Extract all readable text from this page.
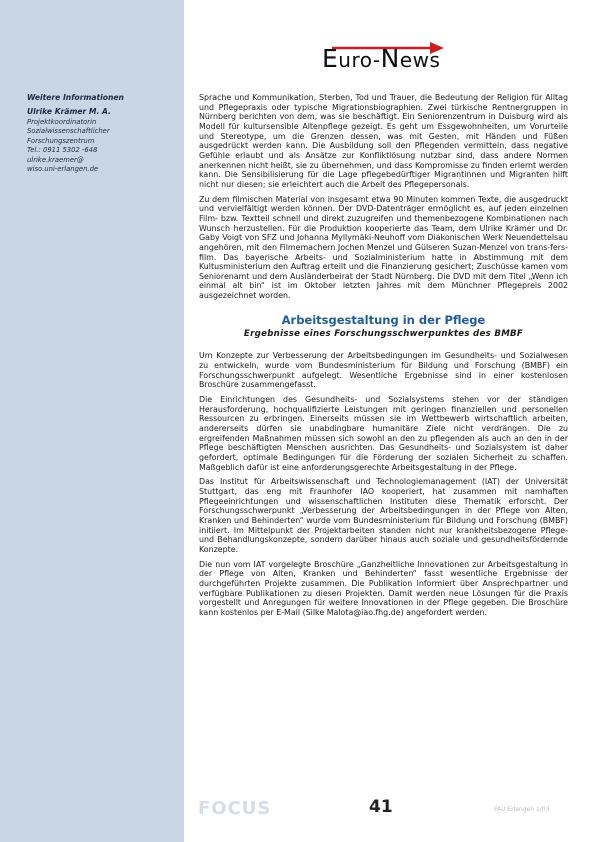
Weitere Informationen

Ulrike Krämer M. A.

Projektkoordinatorin

Sozialwissenschaftlicher

Forschungszentrum

Tel.: 0911 5302 -648

ulrike.kraemer@

wiso.uni-erlangen.de

Euro-News

Sprache und Kommunikation, Sterben, Tod und Trauer, die Bedeutung der Religion für Alltag und Pflegepraxis oder typische Migrationsbiographien. Zwei türkische Rentnergruppen in Nürnberg berichten von dem, was sie beschäftigt. Ein Seniorenzentrum in Duisburg wird als Modell für kultursensible Altenpflege gezeigt. Es geht um Essgewohnheiten, um Vorurteile und Stereotype, um die Grenzen dessen, was mit Gesten, mit Händen und Füßen ausgedrückt werden kann. Die Ausbildung soll den Pflegenden vermitteln, dass negative Gefühle erlaubt und als Ansätze zur Konfliktlösung nutzbar sind, dass andere Normen anerkennen nicht heißt, sie zu übernehmen, und dass Kompromisse zu finden erlernt werden kann. Die Sensibilisierung für die Lage pflegebedürftiger Migrantinnen und Migranten hilft nicht nur diesen; sie erleichtert auch die Arbeit des Pflegepersonals.

Zu dem filmischen Material von insgesamt etwa 90 Minuten kommen Texte, die ausgedruckt und vervielfältigt werden können. Der DVD-Datenträger ermöglicht es, auf jeden einzelnen Film- bzw. Textteil schnell und direkt zuzugreifen und themenbezogene Kombinationen nach Wunsch herzustellen. Für die Produktion kooperierte das Team, dem Ulrike Krämer und Dr. Gaby Voigt von SFZ und Johanna Myllymäki-Neuhoff vom Diakonischen Werk Neuendettelsau angehören, mit den Filmemachern Jochen Menzel und Gülseren Suzan-Menzel von trans-fers-film. Das bayerische Arbeits- und Sozialministerium hatte in Abstimmung mit dem Kultusministerium den Auftrag erteilt und die Finanzierung gesichert; Zuschüsse kamen vom Seniorenamt und dem Ausländerbeirat der Stadt Nürnberg. Die DVD mit dem Titel „Wenn ich einmal alt bin“ ist im Oktober letzten Jahres mit dem Münchner Pflegepreis 2002 ausgezeichnet worden.

Arbeitsgestaltung in der Pflege
Ergebnisse eines Forschungsschwerpunktes des BMBF

Um Konzepte zur Verbesserung der Arbeitsbedingungen im Gesundheits- und Sozialwesen zu entwickeln, wurde vom Bundesministerium für Bildung und Forschung (BMBF) ein Forschungsschwerpunkt aufgelegt. Wesentliche Ergebnisse sind in einer kostenlosen Broschüre zusammengefasst.

Die Einrichtungen des Gesundheits- und Sozialsystems stehen vor der ständigen Herausforderung, hochqualifizierte Leistungen mit geringen finanziellen und personellen Ressourcen zu erbringen. Einerseits müssen sie im Wettbewerb wirtschaftlich arbeiten, andererseits dürfen sie unabdingbare humanitäre Ziele nicht verdrängen. Die zu ergreifenden Maßnahmen müssen sich sowohl an den zu pflegenden als auch an den in der Pflege beschäftigten Menschen ausrichten. Das Gesundheits- und Sozialsystem ist daher gefordert, optimale Bedingungen für die Förderung der sozialen Sicherheit zu schaffen. Maßgeblich dafür ist eine anforderungsgerechte Arbeitsgestaltung in der Pflege.

Das Institut für Arbeitswissenschaft und Technologiemanagement (IAT) der Universität Stuttgart, das eng mit Fraunhofer IAO kooperiert, hat zusammen mit namhaften Pflegeeinrichtungen und wissenschaftlichen Instituten diese Thematik erforscht. Der Forschungsschwerpunkt „Verbesserung der Arbeitsbedingungen in der Pflege von Alten, Kranken und Behinderten“ wurde vom Bundesministerium für Bildung und Forschung (BMBF) initiiert. Im Mittelpunkt der Projektarbeiten standen nicht nur krankheitsbezogene Pflege- und Behandlungskonzepte, sondern darüber hinaus auch soziale und gesundheitsfördernde Konzepte.

Die nun vom IAT vorgelegte Broschüre „Ganzheitliche Innovationen zur Arbeitsgestaltung in der Pflege von Alten, Kranken und Behinderten“ fasst wesentliche Ergebnisse der durchgeführten Projekte zusammen. Die Publikation informiert über Ansprechpartner und verfügbare Publikationen zu diesen Projekten. Damit werden neue Lösungen für die Praxis vorgestellt und Anregungen für weitere Innovationen in der Pflege gegeben. Die Broschüre kann kostenlos per E-Mail (Silke Malota@iao.fhg.de) angefordert werden.

FOCUS	41	FAU Erlangen 1/03
